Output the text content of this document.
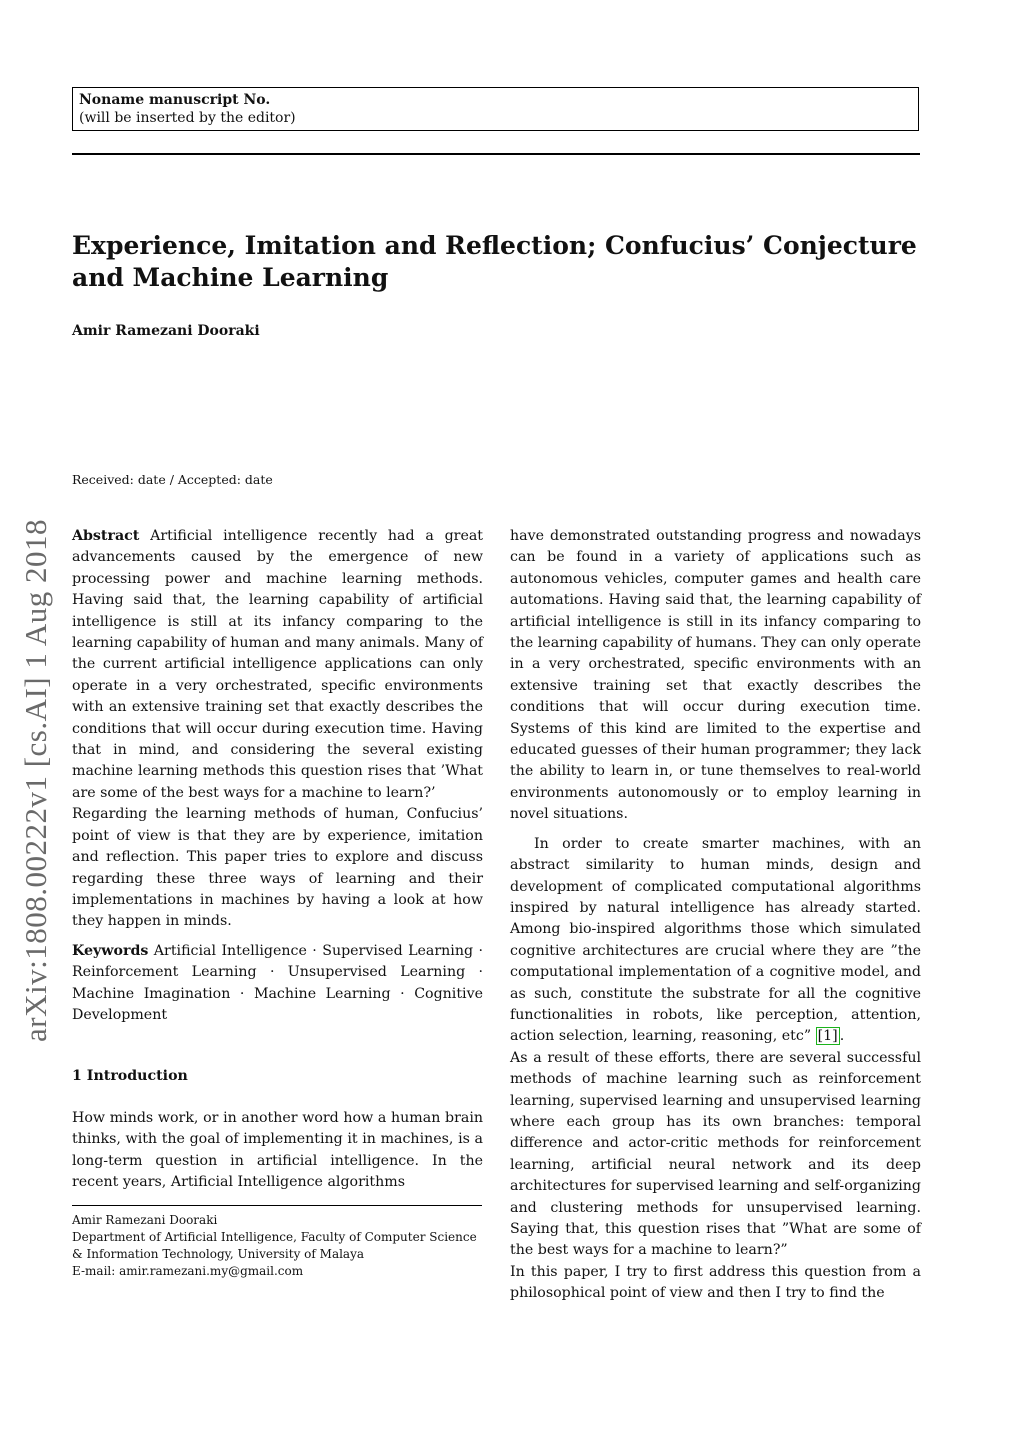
Noname manuscript No.
(will be inserted by the editor)
Experience, Imitation and Reflection; Confucius’ Conjecture
and Machine Learning
Amir Ramezani Dooraki
Received: date / Accepted: date
arXiv:1808.00222v1 [cs.AI] 1 Aug 2018 Abstract Artificial intelligence recently had a great advancements caused by the emergence of new processing power and machine learning methods. Having said that, the learning capability of artificial intelligence is still at its infancy comparing to the learning capability of human and many animals. Many of the current artificial intelligence applications can only operate in a very orchestrated, specific environments with an extensive training set that exactly describes the conditions that will occur during execution time. Having that in mind, and considering the several existing machine learning methods this question rises that ’What are some of the best ways for a machine to learn?’

Regarding the learning methods of human, Confucius’ point of view is that they are by experience, imitation and reflection. This paper tries to explore and discuss regarding these three ways of learning and their implementations in machines by having a look at how they happen in minds.

Keywords Artificial Intelligence · Supervised Learning · Reinforcement Learning · Unsupervised Learning · Machine Imagination · Machine Learning · Cognitive Development

1 Introduction

How minds work, or in another word how a human brain thinks, with the goal of implementing it in machines, is a long-term question in artificial intelligence. In the recent years, Artificial Intelligence algorithms

Amir Ramezani Dooraki
Department of Artificial Intelligence, Faculty of Computer Science & Information Technology, University of Malaya
E-mail: amir.ramezani.my@gmail.com

have demonstrated outstanding progress and nowadays can be found in a variety of applications such as autonomous vehicles, computer games and health care automations. Having said that, the learning capability of artificial intelligence is still in its infancy comparing to the learning capability of humans. They can only operate in a very orchestrated, specific environments with an extensive training set that exactly describes the conditions that will occur during execution time. Systems of this kind are limited to the expertise and educated guesses of their human programmer; they lack the ability to learn in, or tune themselves to real-world environments autonomously or to employ learning in novel situations.

In order to create smarter machines, with an abstract similarity to human minds, design and development of complicated computational algorithms inspired by natural intelligence has already started. Among bio-inspired algorithms those which simulated cognitive architectures are crucial where they are ”the computational implementation of a cognitive model, and as such, constitute the substrate for all the cognitive functionalities in robots, like perception, attention, action selection, learning, reasoning, etc” [1] .

As a result of these efforts, there are several successful methods of machine learning such as reinforcement learning, supervised learning and unsupervised learning where each group has its own branches: temporal difference and actor-critic methods for reinforcement learning, artificial neural network and its deep architectures for supervised learning and self-organizing and clustering methods for unsupervised learning. Saying that, this question rises that ”What are some of the best ways for a machine to learn?”

In this paper, I try to first address this question from a philosophical point of view and then I try to find the
